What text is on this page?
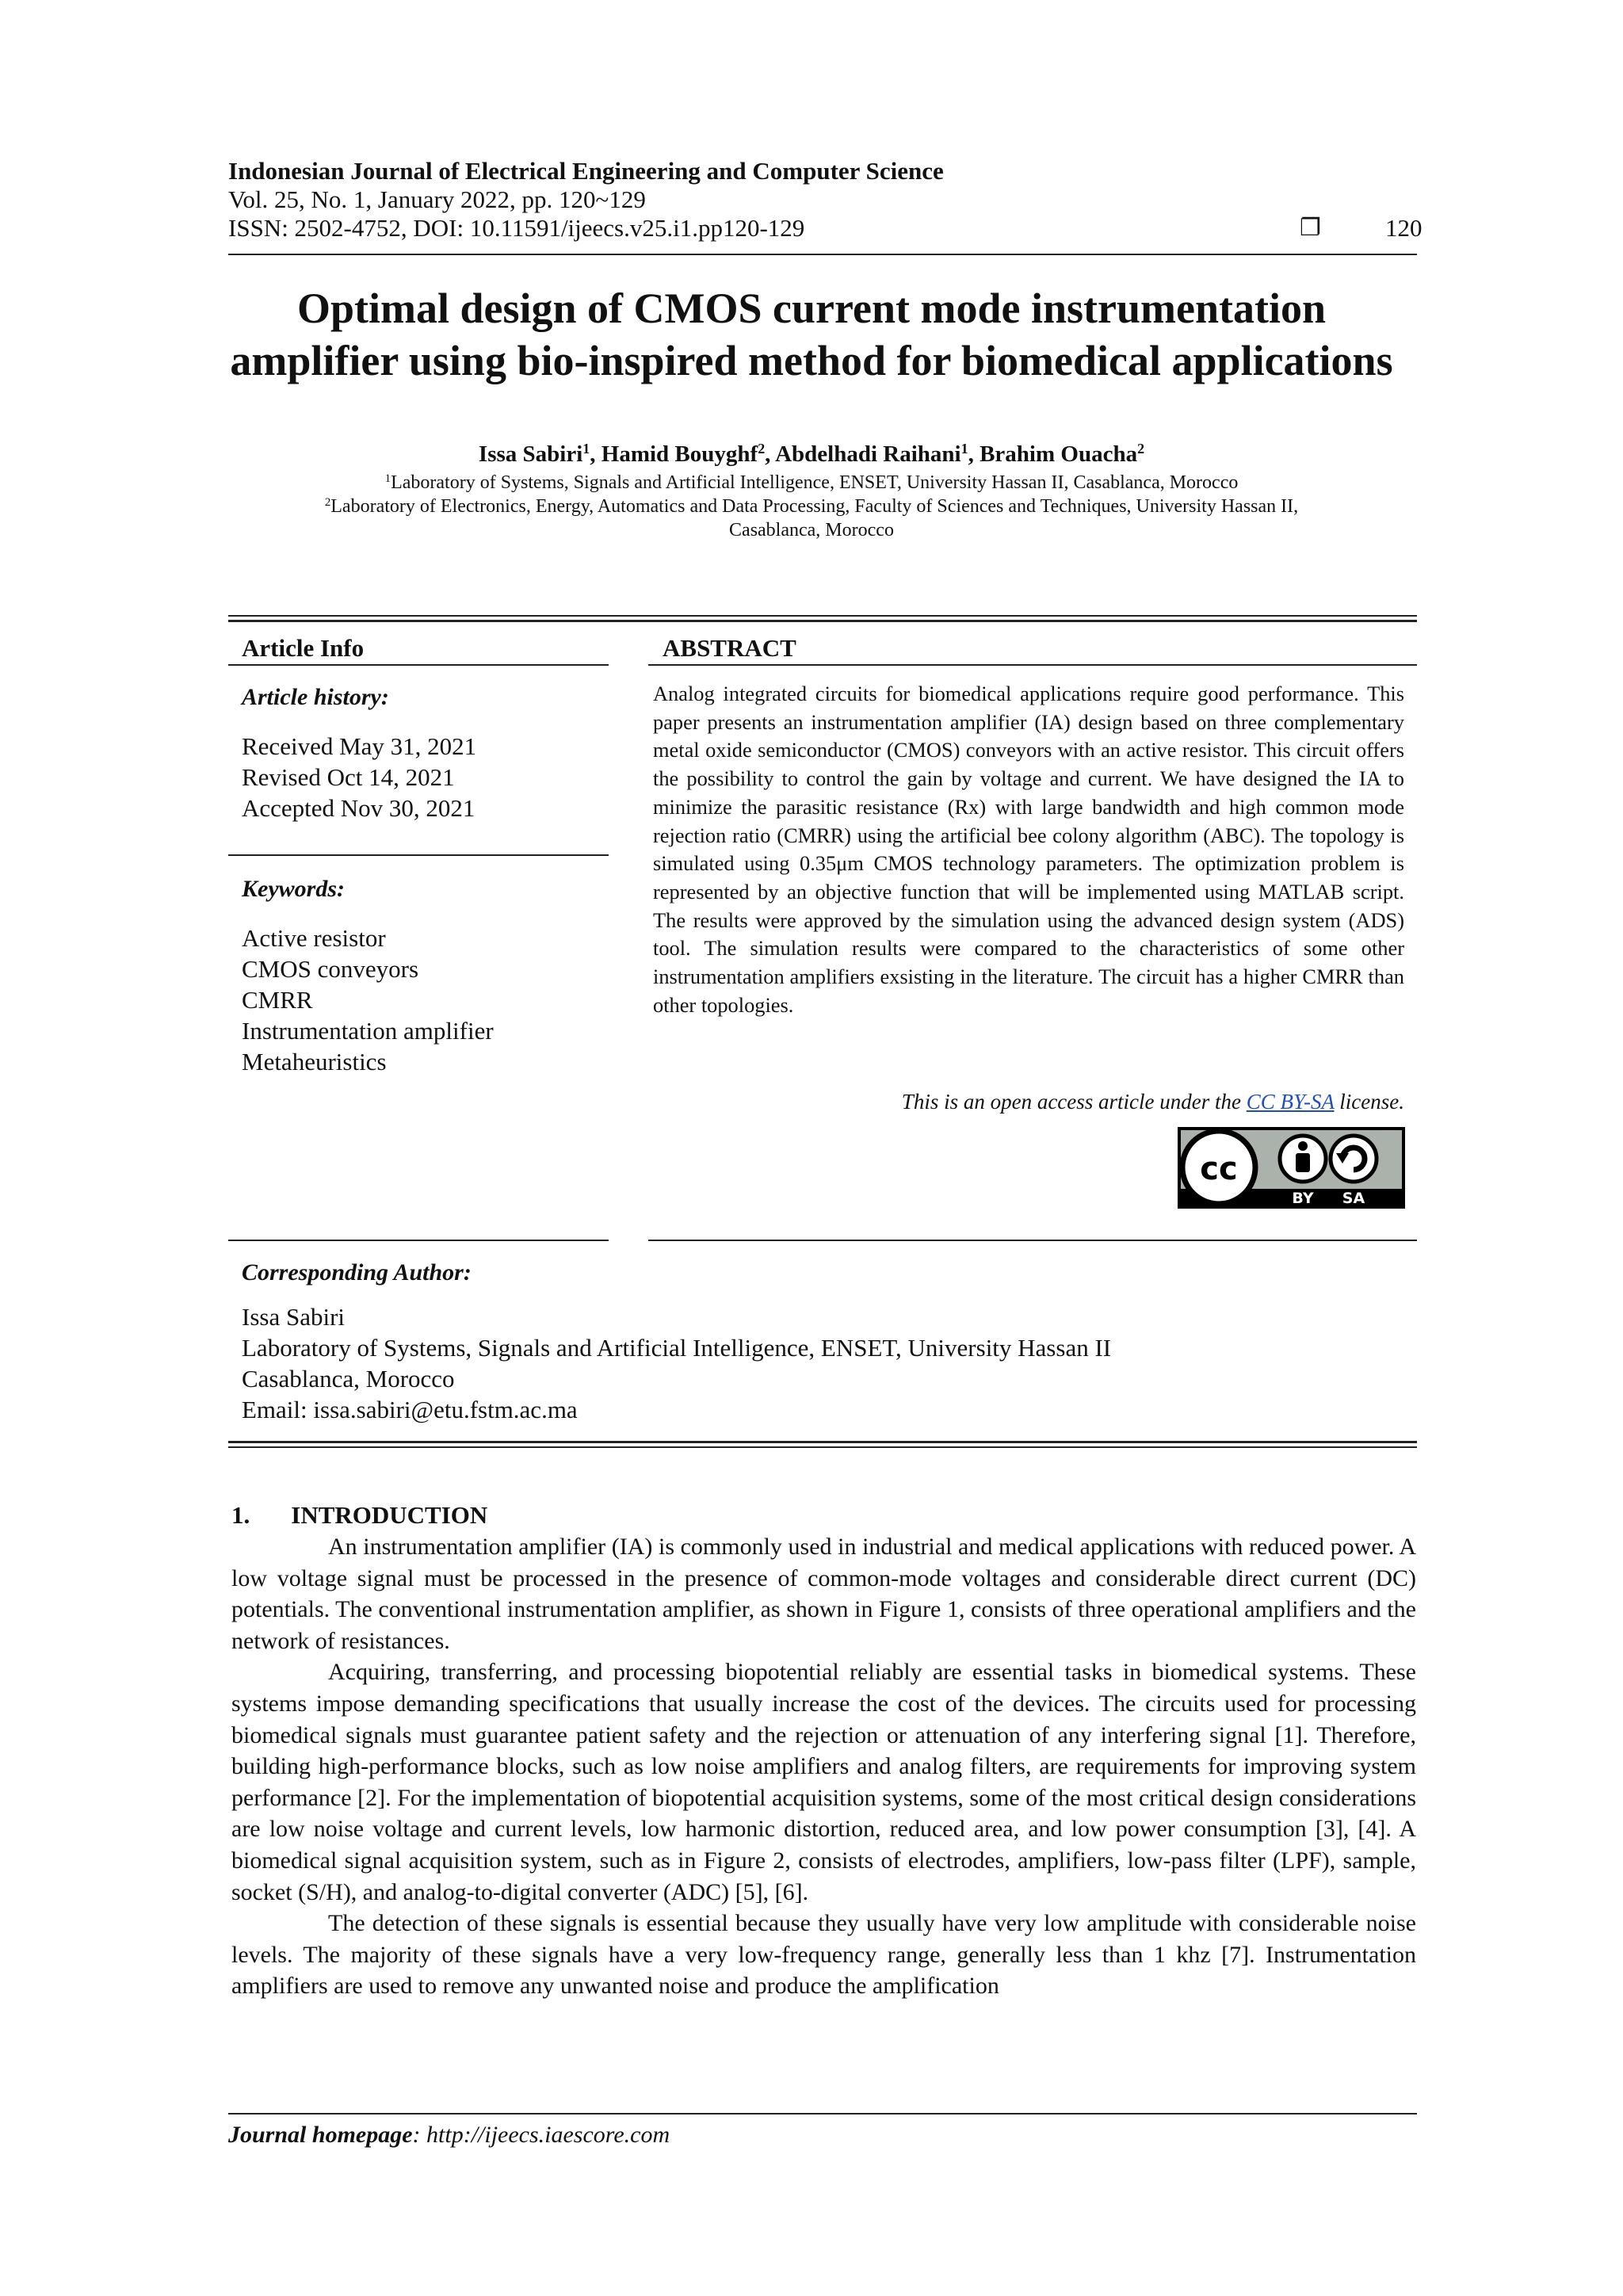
Indonesian Journal of Electrical Engineering and Computer Science
Vol. 25, No. 1, January 2022, pp. 120~129
ISSN: 2502-4752, DOI: 10.11591/ijeecs.v25.i1.pp120-129	❐	120
Optimal design of CMOS current mode instrumentation
amplifier using bio-inspired method for biomedical applications
Issa Sabiri$^1$, Hamid Bouyghf$^2$, Abdelhadi Raihani$^1$, Brahim Ouacha$^2$
$^1$Laboratory of Systems, Signals and Artificial Intelligence, ENSET, University Hassan II, Casablanca, Morocco
$^2$Laboratory of Electronics, Energy, Automatics and Data Processing, Faculty of Sciences and Techniques, University Hassan II,
Casablanca, Morocco
Article Info
Article history:
Received May 31, 2021
Revised Oct 14, 2021
Accepted Nov 30, 2021
Keywords:
Active resistor
CMOS conveyors
CMRR
Instrumentation amplifier
Metaheuristics
ABSTRACT
Analog integrated circuits for biomedical applications require good performance. This paper presents an instrumentation amplifier (IA) design based on three complementary metal oxide semiconductor (CMOS) conveyors with an active resistor. This circuit offers the possibility to control the gain by voltage and current. We have designed the IA to minimize the parasitic resistance (Rx) with large bandwidth and high common mode rejection ratio (CMRR) using the artificial bee colony algorithm (ABC). The topology is simulated using 0.35μm CMOS technology parameters. The optimization problem is represented by an objective function that will be implemented using MATLAB script. The results were approved by the simulation using the advanced design system (ADS) tool. The simulation results were compared to the characteristics of some other instrumentation amplifiers exsisting in the literature. The circuit has a higher CMRR than other topologies.
This is an open access article under the CC BY-SA license.
cc
BY SA
Corresponding Author:
Issa Sabiri
Laboratory of Systems, Signals and Artificial Intelligence, ENSET, University Hassan II
Casablanca, Morocco
Email: issa.sabiri@etu.fstm.ac.ma
1. INTRODUCTION

An instrumentation amplifier (IA) is commonly used in industrial and medical applications with reduced power. A low voltage signal must be processed in the presence of common-mode voltages and considerable direct current (DC) potentials. The conventional instrumentation amplifier, as shown in Figure 1, consists of three operational amplifiers and the network of resistances.

Acquiring, transferring, and processing biopotential reliably are essential tasks in biomedical systems. These systems impose demanding specifications that usually increase the cost of the devices. The circuits used for processing biomedical signals must guarantee patient safety and the rejection or attenuation of any interfering signal [1]. Therefore, building high-performance blocks, such as low noise amplifiers and analog filters, are requirements for improving system performance [2]. For the implementation of biopotential acquisition systems, some of the most critical design considerations are low noise voltage and current levels, low harmonic distortion, reduced area, and low power consumption [3], [4]. A biomedical signal acquisition system, such as in Figure 2, consists of electrodes, amplifiers, low-pass filter (LPF), sample, socket (S/H), and analog-to-digital converter (ADC) [5], [6].

The detection of these signals is essential because they usually have very low amplitude with considerable noise levels. The majority of these signals have a very low-frequency range, generally less than 1 khz [7]. Instrumentation amplifiers are used to remove any unwanted noise and produce the amplification

Journal homepage: http://ijeecs.iaescore.com
